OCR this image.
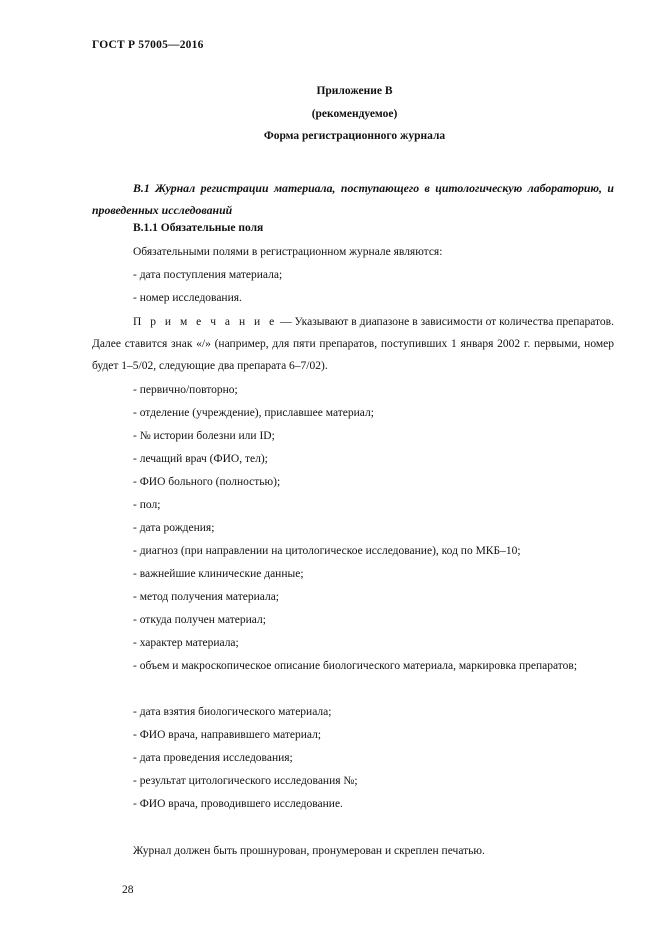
ГОСТ Р 57005—2016
Приложение В
(рекомендуемое)
Форма регистрационного журнала
В.1 Журнал регистрации материала, поступающего в цитологическую лабораторию, и проведенных исследований
В.1.1 Обязательные поля
Обязательными полями в регистрационном журнале являются:
- дата поступления материала;
- номер исследования.
П р и м е ч а н и е — Указывают в диапазоне в зависимости от количества препаратов. Далее ставится знак «/» (например, для пяти препаратов, поступивших 1 января 2002 г. первыми, номер будет 1–5/02, следующие два препарата 6–7/02).
- первично/повторно;
- отделение (учреждение), приславшее материал;
- № истории болезни или ID;
- лечащий врач (ФИО, тел);
- ФИО больного (полностью);
- пол;
- дата рождения;
- диагноз (при направлении на цитологическое исследование), код по МКБ–10;
- важнейшие клинические данные;
- метод получения материала;
- откуда получен материал;
- характер материала;
- объем и макроскопическое описание биологического материала, маркировка препаратов;
- дата взятия биологического материала;
- ФИО врача, направившего материал;
- дата проведения исследования;
- результат цитологического исследования №;
- ФИО врача, проводившего исследование.
Журнал должен быть прошнурован, пронумерован и скреплен печатью.
28
